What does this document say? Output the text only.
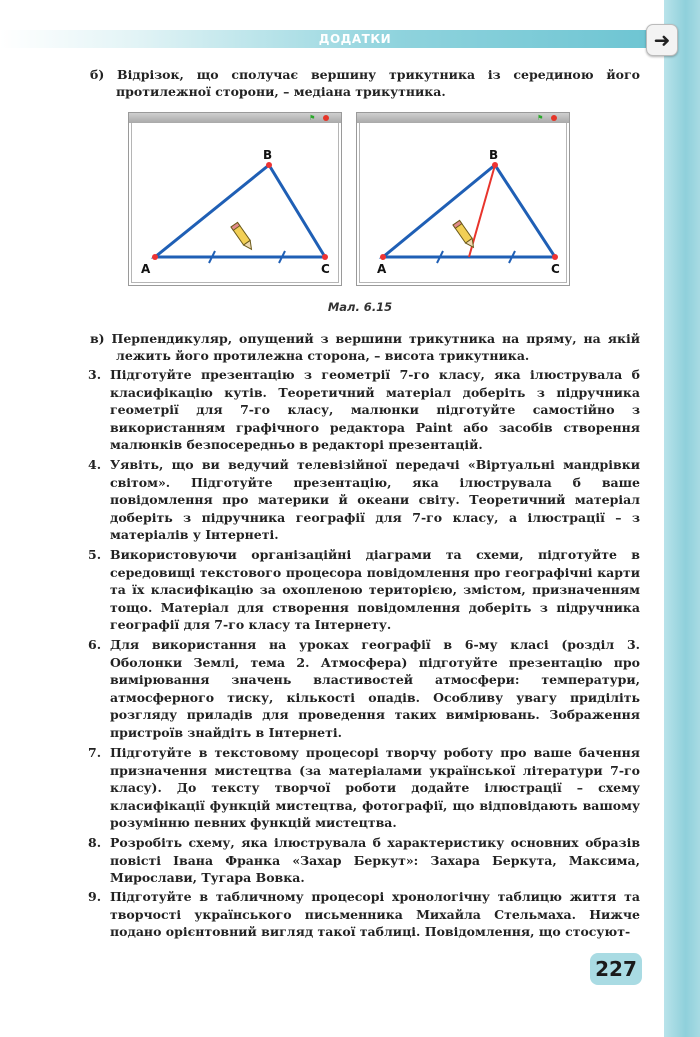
ДОДАТКИ	➜
б) Відрізок, що сполучає вершину трикутника із серединою його протилежної сторони, – медіана трикутника.
⚑
A
B
C
⚑
A
B
C
Мал. 6.15
в) Перпендикуляр, опущений з вершини трикутника на пряму, на якій лежить його протилежна сторона, – висота трикутника.
3. Підготуйте презентацію з геометрії 7-го класу, яка ілюструвала б класифікацію кутів. Теоретичний матеріал доберіть з підручника геометрії для 7-го класу, малюнки підготуйте самостійно з використанням графічного редактора Paint або засобів створення малюнків безпосередньо в редакторі презентацій.
4. Уявіть, що ви ведучий телевізійної передачі «Віртуальні мандрівки світом». Підготуйте презентацію, яка ілюструвала б ваше повідомлення про материки й океани світу. Теоретичний матеріал доберіть з підручника географії для 7-го класу, а ілюстрації – з матеріалів у Інтернеті.
5. Використовуючи організаційні діаграми та схеми, підготуйте в середовищі текстового процесора повідомлення про географічні карти та їх класифікацію за охопленою територією, змістом, призначенням тощо. Матеріал для створення повідомлення доберіть з підручника географії для 7-го класу та Інтернету.
6. Для використання на уроках географії в 6-му класі (розділ 3. Оболонки Землі, тема 2. Атмосфера) підготуйте презентацію про вимірювання значень властивостей атмосфери: температури, атмосферного тиску, кількості опадів. Особливу увагу приділіть розгляду приладів для проведення таких вимірювань. Зображення пристроїв знайдіть в Інтернеті.
7. Підготуйте в текстовому процесорі творчу роботу про ваше бачення призначення мистецтва (за матеріалами української літератури 7-го класу). До тексту творчої роботи додайте ілюстрації – схему класифікації функцій мистецтва, фотографії, що відповідають вашому розумінню певних функцій мистецтва.
8. Розробіть схему, яка ілюструвала б характеристику основних образів повісті Івана Франка «Захар Беркут»: Захара Беркута, Максима, Мирослави, Тугара Вовка.
9. Підготуйте в табличному процесорі хронологічну таблицю життя та творчості українського письменника Михайла Стельмаха. Нижче подано орієнтовний вигляд такої таблиці. Повідомлення, що стосуют-
227
